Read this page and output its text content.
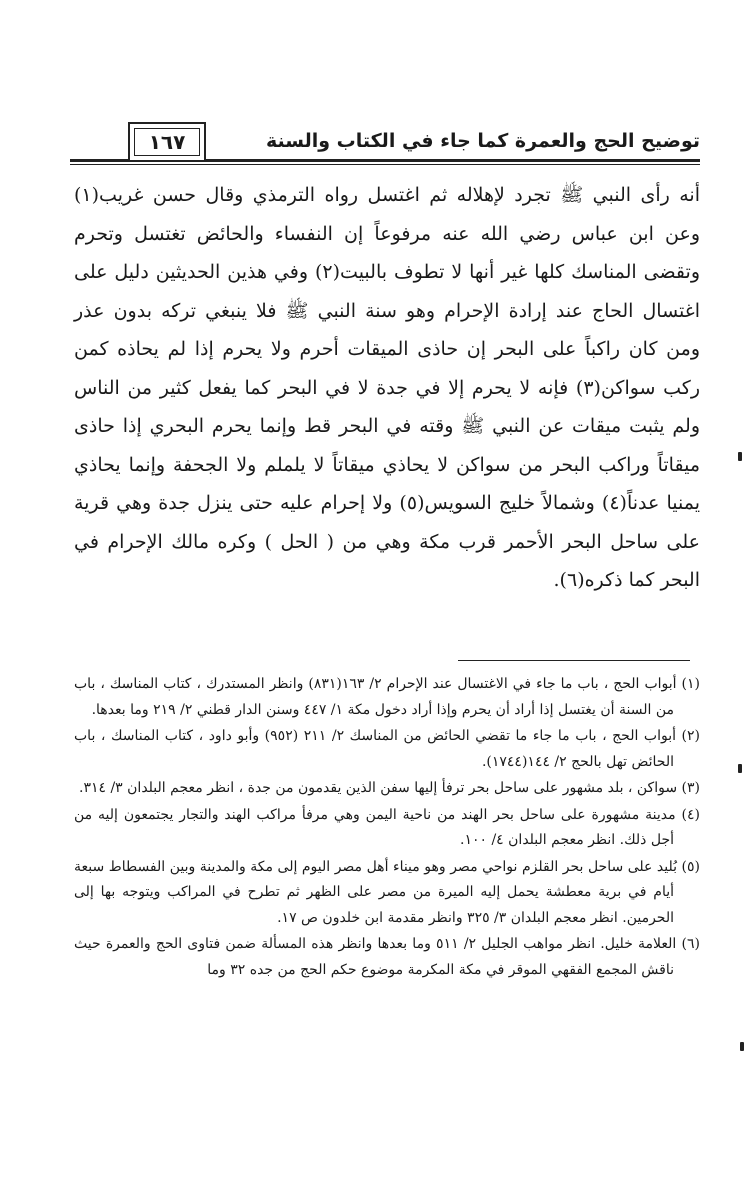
توضيح الحج والعمرة كما جاء في الكتاب والسنة
١٦٧

أنه رأى النبي ﷺ تجرد لإهلاله ثم اغتسل رواه الترمذي وقال حسن غريب(١) وعن ابن عباس رضي الله عنه مرفوعاً إن النفساء والحائض تغتسل وتحرم وتقضى المناسك كلها غير أنها لا تطوف بالبيت(٢) وفي هذين الحديثين دليل على اغتسال الحاج عند إرادة الإحرام وهو سنة النبي ﷺ فلا ينبغي تركه بدون عذر ومن كان راكباً على البحر إن حاذى الميقات أحرم ولا يحرم إذا لم يحاذه كمن ركب سواكن(٣) فإنه لا يحرم إلا في جدة لا في البحر كما يفعل كثير من الناس ولم يثبت ميقات عن النبي ﷺ وقته في البحر قط وإنما يحرم البحري إذا حاذى ميقاتاً وراكب البحر من سواكن لا يحاذي ميقاتاً لا يلملم ولا الجحفة وإنما يحاذي يمنيا عدناً(٤) وشمالاً خليج السويس(٥) ولا إحرام عليه حتى ينزل جدة وهي قرية على ساحل البحر الأحمر قرب مكة وهي من ( الحل ) وكره مالك الإحرام في البحر كما ذكره(٦).

(١) أبواب الحج ، باب ما جاء في الاغتسال عند الإحرام ٢/ ١٦٣(٨٣١) وانظر المستدرك ، كتاب المناسك ، باب من السنة أن يغتسل إذا أراد أن يحرم وإذا أراد دخول مكة ١/ ٤٤٧ وسنن الدار قطني ٢/ ٢١٩ وما بعدها.

(٢) أبواب الحج ، باب ما جاء ما تقضي الحائض من المناسك ٢/ ٢١١ (٩٥٢) وأبو داود ، كتاب المناسك ، باب الحائض تهل بالحج ٢/ ١٤٤(١٧٤٤).

(٣) سواكن ، بلد مشهور على ساحل بحر ترفأ إليها سفن الذين يقدمون من جدة ، انظر معجم البلدان ٣/ ٣١٤.

(٤) مدينة مشهورة على ساحل بحر الهند من ناحية اليمن وهي مرفأ مراكب الهند والتجار يجتمعون إليه من أجل ذلك. انظر معجم البلدان ٤/ ١٠٠.

(٥) بُليد على ساحل بحر القلزم نواحي مصر وهو ميناء أهل مصر اليوم إلى مكة والمدينة وبين الفسطاط سبعة أيام في برية معطشة يحمل إليه الميرة من مصر على الظهر ثم تطرح في المراكب ويتوجه بها إلى الحرمين. انظر معجم البلدان ٣/ ٣٢٥ وانظر مقدمة ابن خلدون ص ١٧.

(٦) العلامة خليل. انظر مواهب الجليل ٢/ ٥١١ وما بعدها وانظر هذه المسألة ضمن فتاوى الحج والعمرة حيث ناقش المجمع الفقهي الموقر في مكة المكرمة موضوع حكم الحج من جده ٣٢ وما
